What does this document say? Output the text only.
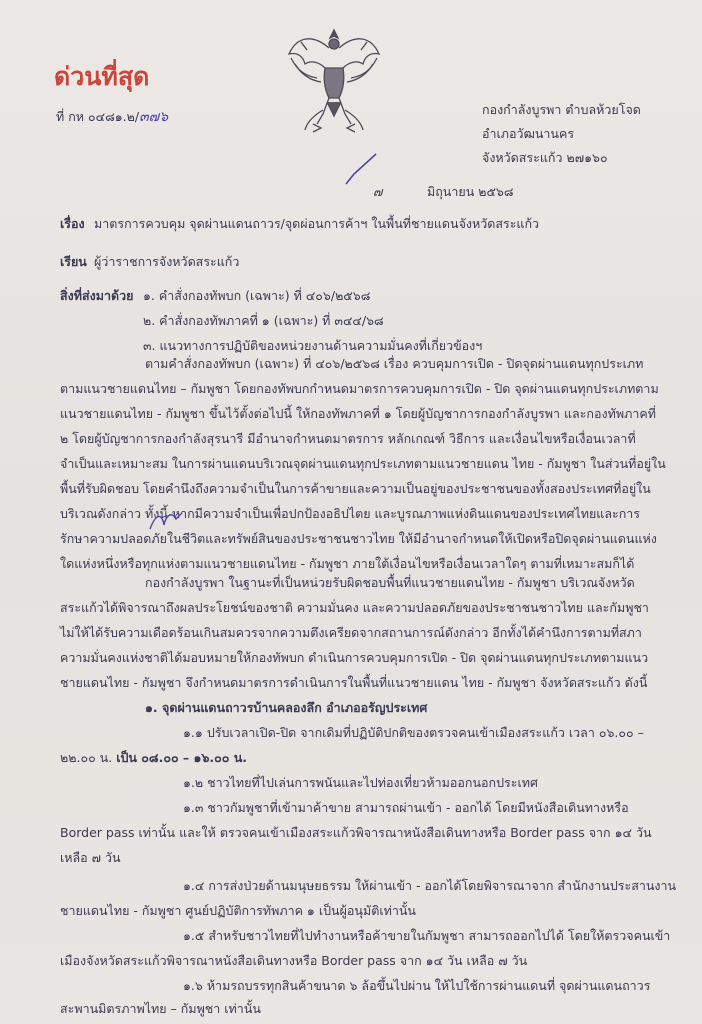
ด่วนที่สุด
ที่ กห ๐๔๘๑.๒/๓๗๖	กองกำลังบูรพา ตำบลห้วยโจด
อำเภอวัฒนานคร
จังหวัดสระแก้ว ๒๗๑๖๐
๗	มิถุนายน ๒๕๖๘
เรื่อง มาตรการควบคุม จุดผ่านแดนถาวร/จุดผ่อนการค้าฯ ในพื้นที่ชายแดนจังหวัดสระแก้ว
เรียน ผู้ว่าราชการจังหวัดสระแก้ว
สิ่งที่ส่งมาด้วย ๑. คำสั่งกองทัพบก (เฉพาะ) ที่ ๔๐๖/๒๕๖๘
๒. คำสั่งกองทัพภาคที่ ๑ (เฉพาะ) ที่ ๓๔๔/๖๘
๓. แนวทางการปฏิบัติของหน่วยงานด้านความมั่นคงที่เกี่ยวข้องฯ
ตามคำสั่งกองทัพบก (เฉพาะ) ที่ ๔๐๖/๒๕๖๘ เรื่อง ควบคุมการเปิด - ปิดจุดผ่านแดนทุกประเภท
ตามแนวชายแดนไทย – กัมพูชา โดยกองทัพบกกำหนดมาตรการควบคุมการเปิด - ปิด จุดผ่านแดนทุกประเภทตาม
แนวชายแดนไทย - กัมพูชา ขึ้นไว้ตั้งต่อไปนี้ ให้กองทัพภาคที่ ๑ โดยผู้บัญชาการกองกำลังบูรพา และกองทัพภาคที่
๒ โดยผู้บัญชาการกองกำลังสุรนารี มีอำนาจกำหนดมาตรการ หลักเกณฑ์ วิธีการ และเงื่อนไขหรือเงื่อนเวลาที่
จำเป็นและเหมาะสม ในการผ่านแดนบริเวณจุดผ่านแดนทุกประเภทตามแนวชายแดน ไทย - กัมพูชา ในส่วนที่อยู่ใน
พื้นที่รับผิดชอบ โดยคำนึงถึงความจำเป็นในการค้าขายและความเป็นอยู่ของประชาชนของทั้งสองประเทศที่อยู่ใน
บริเวณดังกล่าว ทั้งนี้ หากมีความจำเป็นเพื่อปกป้องอธิปไตย และบูรณภาพแห่งดินแดนของประเทศไทยและการ
รักษาความปลอดภัยในชีวิตและทรัพย์สินของประชาชนชาวไทย ให้มีอำนาจกำหนดให้เปิดหรือปิดจุดผ่านแดนแห่ง
ใดแห่งหนึ่งหรือทุกแห่งตามแนวชายแดนไทย - กัมพูชา ภายใต้เงื่อนไขหรือเงื่อนเวลาใดๆ ตามที่เหมาะสมก็ได้
กองกำลังบูรพา ในฐานะที่เป็นหน่วยรับผิดชอบพื้นที่แนวชายแดนไทย - กัมพูชา บริเวณจังหวัด
สระแก้วได้พิจารณาถึงผลประโยชน์ของชาติ ความมั่นคง และความปลอดภัยของประชาชนชาวไทย และกัมพูชา
ไม่ให้ได้รับความเดือดร้อนเกินสมควรจากความตึงเครียดจากสถานการณ์ดังกล่าว อีกทั้งได้คำนึงการตามที่สภา
ความมั่นคงแห่งชาติได้มอบหมายให้กองทัพบก ดำเนินการควบคุมการเปิด - ปิด จุดผ่านแดนทุกประเภทตามแนว
ชายแดนไทย - กัมพูชา จึงกำหนดมาตรการดำเนินการในพื้นที่แนวชายแดน ไทย - กัมพูชา จังหวัดสระแก้ว ดังนี้
๑. จุดผ่านแดนถาวรบ้านคลองลึก อำเภออรัญประเทศ
๑.๑ ปรับเวลาเปิด-ปิด จากเดิมที่ปฏิบัติปกติของตรวจคนเข้าเมืองสระแก้ว เวลา ๐๖.๐๐ –
๒๒.๐๐ น. เป็น ๐๘.๐๐ – ๑๖.๐๐ น.
๑.๒ ชาวไทยที่ไปเล่นการพนันและไปท่องเที่ยวห้ามออกนอกประเทศ
๑.๓ ชาวกัมพูชาที่เข้ามาค้าขาย สามารถผ่านเข้า - ออกได้ โดยมีหนังสือเดินทางหรือ
Border pass เท่านั้น และให้ ตรวจคนเข้าเมืองสระแก้วพิจารณาหนังสือเดินทางหรือ Border pass จาก ๑๔ วัน
เหลือ ๗ วัน
๑.๔ การส่งป่วยด้านมนุษยธรรม ให้ผ่านเข้า - ออกได้โดยพิจารณาจาก สำนักงานประสานงาน
ชายแดนไทย - กัมพูชา ศูนย์ปฏิบัติการทัพภาค ๑ เป็นผู้อนุมัติเท่านั้น
๑.๕ สำหรับชาวไทยที่ไปทำงานหรือค้าขายในกัมพูชา สามารถออกไปได้ โดยให้ตรวจคนเข้า
เมืองจังหวัดสระแก้วพิจารณาหนังสือเดินทางหรือ Border pass จาก ๑๔ วัน เหลือ ๗ วัน
๑.๖ ห้ามรถบรรทุกสินค้าขนาด ๖ ล้อขึ้นไปผ่าน ให้ไปใช้การผ่านแดนที่ จุดผ่านแดนถาวร
สะพานมิตรภาพไทย – กัมพูชา เท่านั้น
